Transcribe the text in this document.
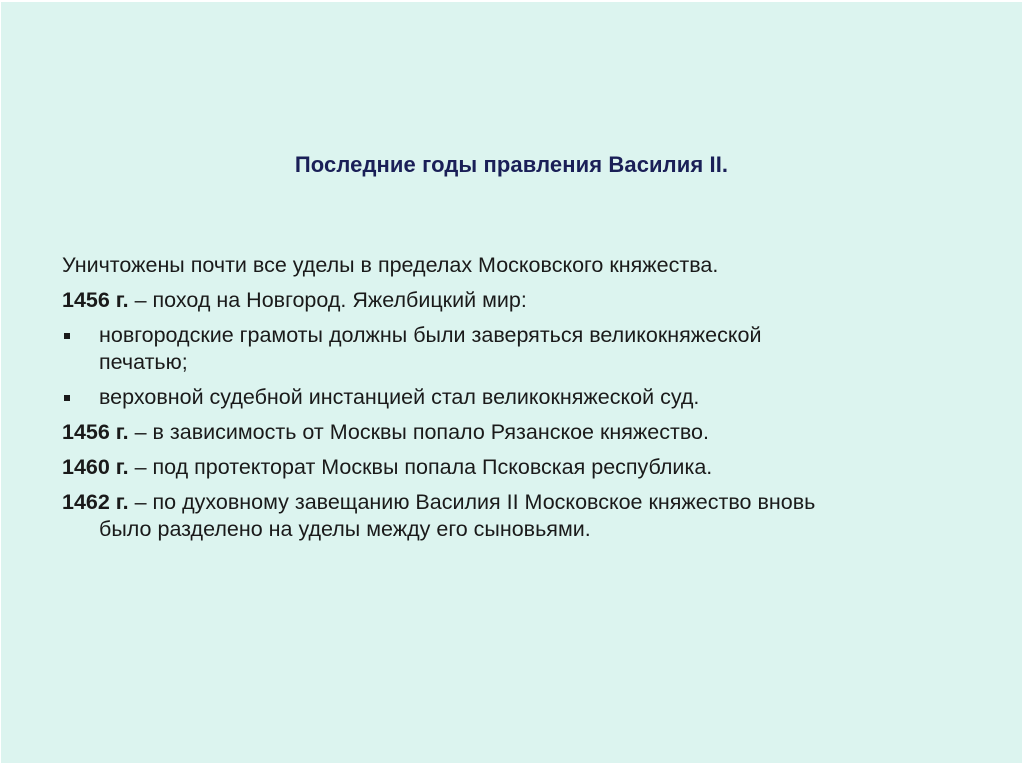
Последние годы правления Василия II.
Уничтожены почти все уделы в пределах Московского княжества.
1456 г. – поход на Новгород. Яжелбицкий мир:
новгородские грамоты должны были заверяться великокняжеской
печатью;
верховной судебной инстанцией стал великокняжеской суд.
1456 г. – в зависимость от Москвы попало Рязанское княжество.
1460 г. – под протекторат Москвы попала Псковская республика.
1462 г. – по духовному завещанию Василия II Московское княжество вновь
было разделено на уделы между его сыновьями.
